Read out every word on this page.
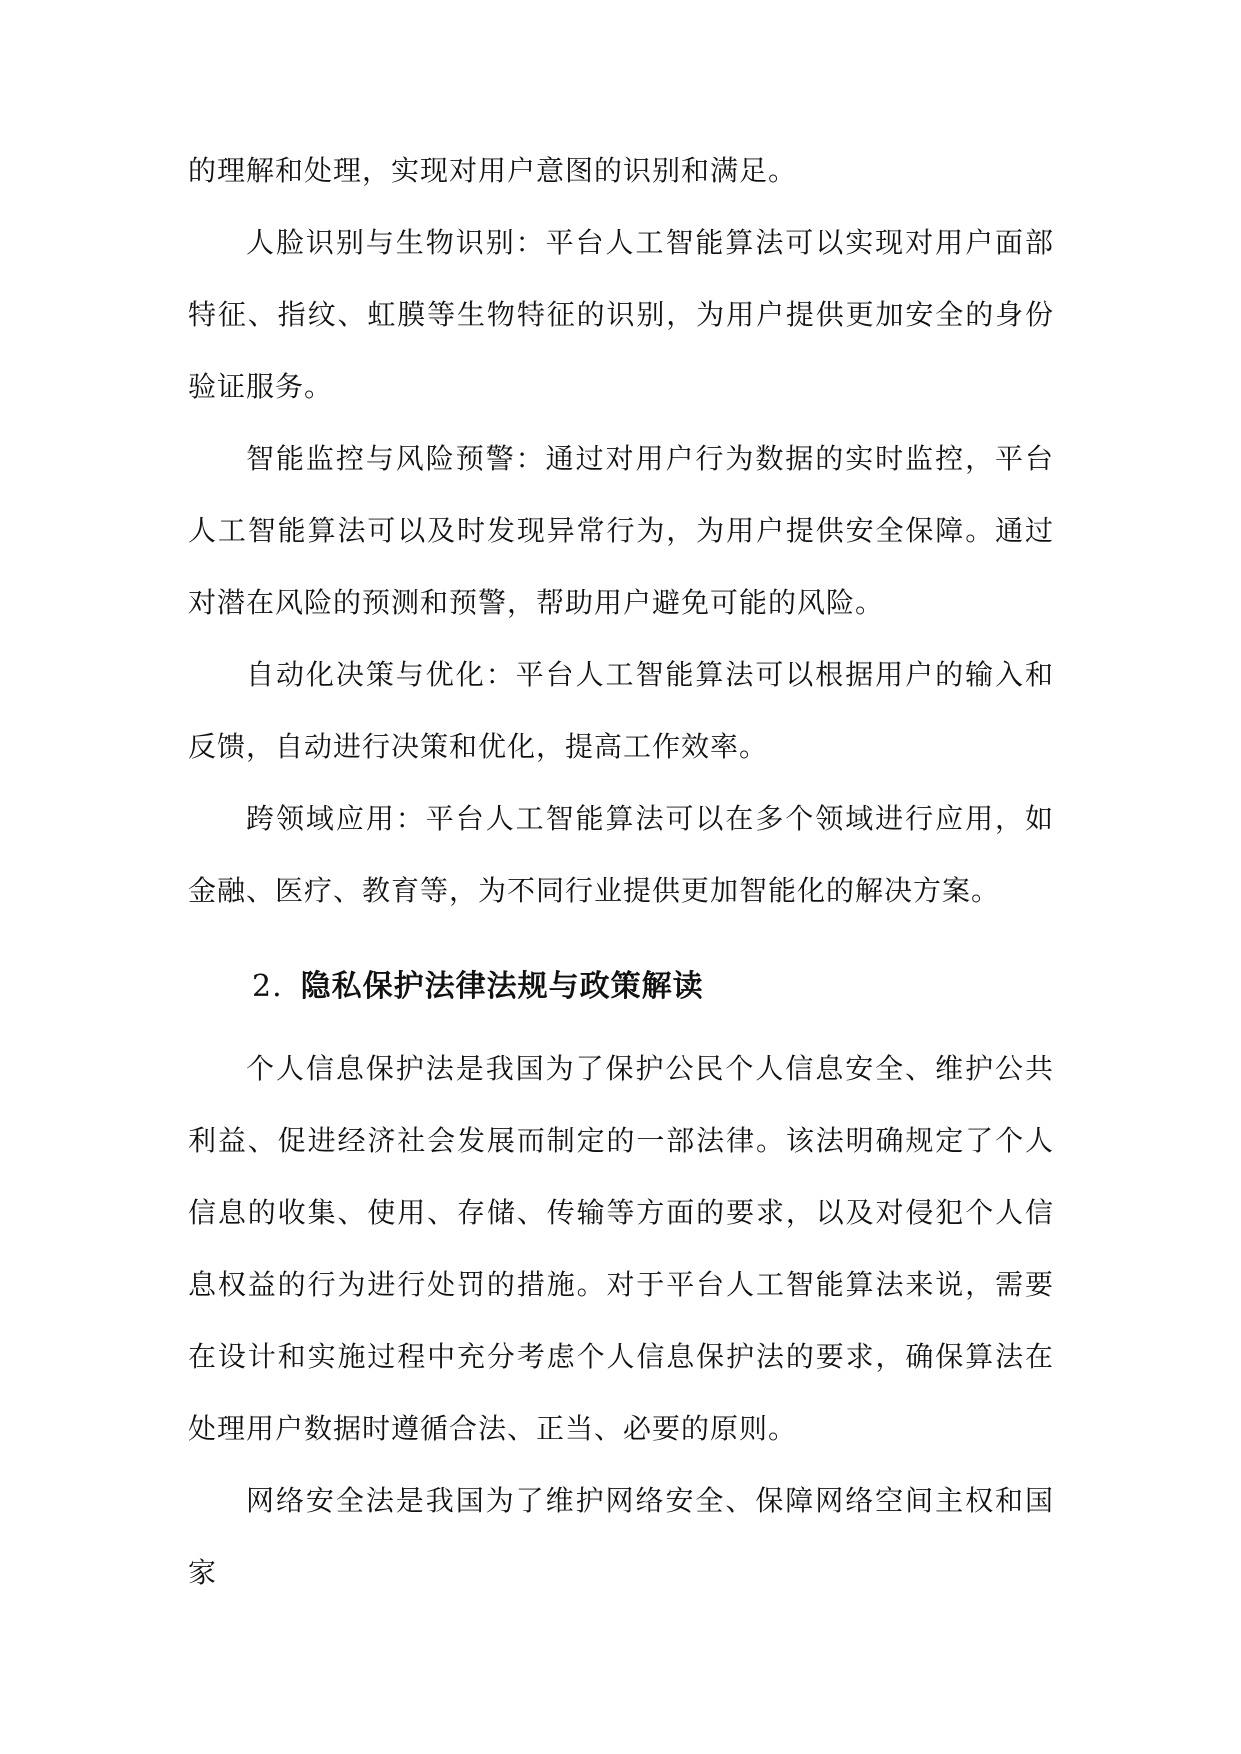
的理解和处理，实现对用户意图的识别和满足。

人脸识别与生物识别：平台人工智能算法可以实现对用户面部特征、指纹、虹膜等生物特征的识别，为用户提供更加安全的身份验证服务。

智能监控与风险预警：通过对用户行为数据的实时监控，平台人工智能算法可以及时发现异常行为，为用户提供安全保障。通过对潜在风险的预测和预警，帮助用户避免可能的风险。

自动化决策与优化：平台人工智能算法可以根据用户的输入和反馈，自动进行决策和优化，提高工作效率。

跨领域应用：平台人工智能算法可以在多个领域进行应用，如金融、医疗、教育等，为不同行业提供更加智能化的解决方案。

2. 隐私保护法律法规与政策解读

个人信息保护法是我国为了保护公民个人信息安全、维护公共利益、促进经济社会发展而制定的一部法律。该法明确规定了个人信息的收集、使用、存储、传输等方面的要求，以及对侵犯个人信息权益的行为进行处罚的措施。对于平台人工智能算法来说，需要在设计和实施过程中充分考虑个人信息保护法的要求，确保算法在处理用户数据时遵循合法、正当、必要的原则。

网络安全法是我国为了维护网络安全、保障网络空间主权和国家
